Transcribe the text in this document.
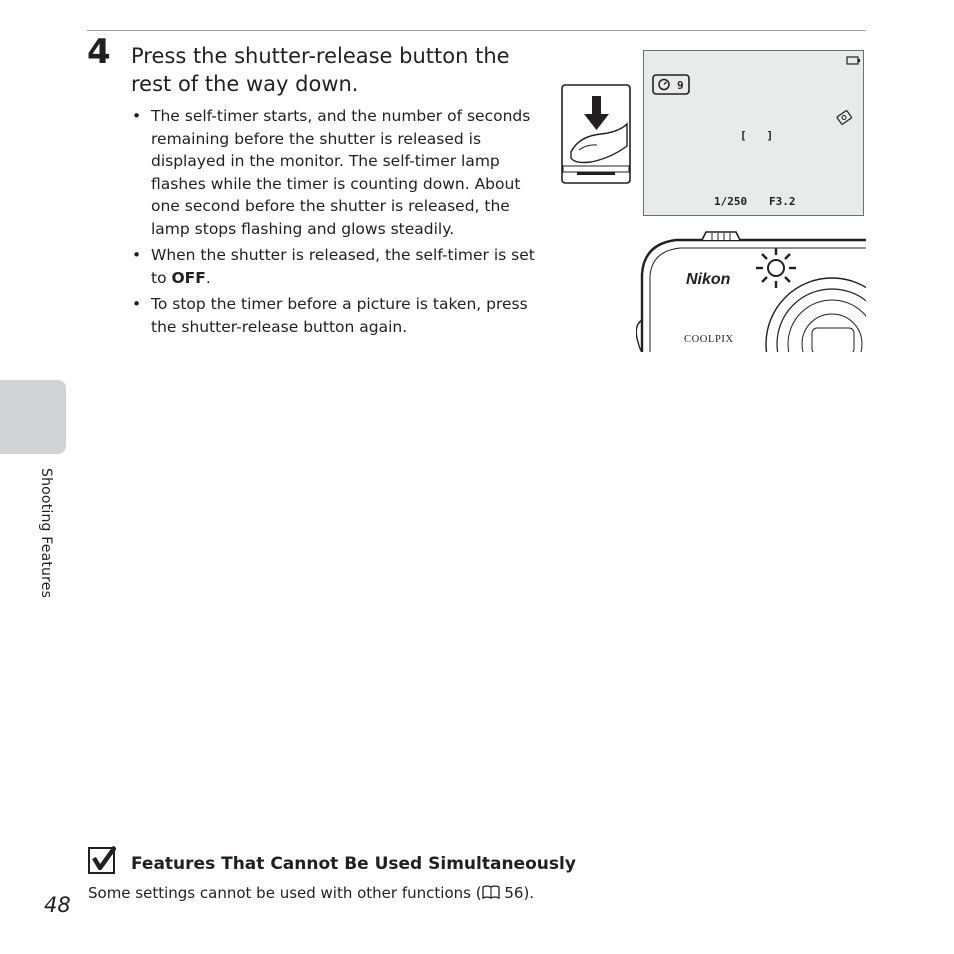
4 Press the shutter-release button the rest of the way down.
• The self-timer starts, and the number of seconds remaining before the shutter is released is displayed in the monitor. The self-timer lamp flashes while the timer is counting down. About one second before the shutter is released, the lamp stops flashing and glows steadily.
• When the shutter is released, the self-timer is set to OFF.
• To stop the timer before a picture is taken, press the shutter-release button again.
9
[   ]
1/250 F3.2
Nikon
COOLPIX
Shooting Features
Features That Cannot Be Used Simultaneously
Some settings cannot be used with other functions ( 56).
48
